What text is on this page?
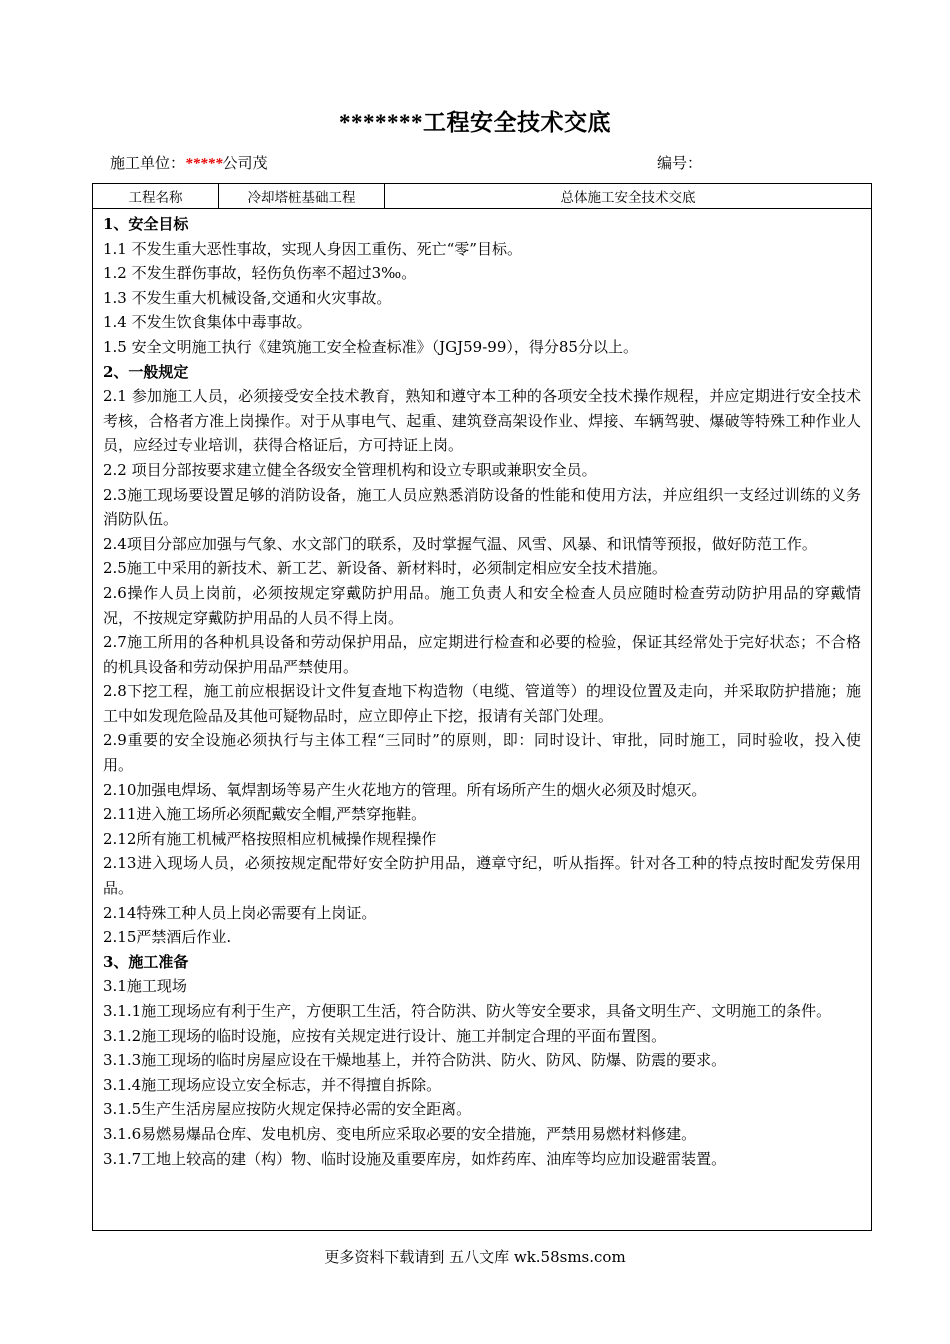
*******工程安全技术交底
施工单位：*****公司茂	编号：
工程名称	冷却塔桩基础工程	总体施工安全技术交底
1、安全目标
1.1 不发生重大恶性事故，实现人身因工重伤、死亡“零”目标。
1.2 不发生群伤事故，轻伤负伤率不超过3‰。
1.3 不发生重大机械设备,交通和火灾事故。
1.4 不发生饮食集体中毒事故。
1.5 安全文明施工执行《建筑施工安全检查标准》（JGJ59-99），得分85分以上。
2、一般规定
2.1 参加施工人员，必须接受安全技术教育，熟知和遵守本工种的各项安全技术操作规程，并应定期进行安全技术考核，合格者方准上岗操作。对于从事电气、起重、建筑登高架设作业、焊接、车辆驾驶、爆破等特殊工种作业人员，应经过专业培训，获得合格证后，方可持证上岗。
2.2 项目分部按要求建立健全各级安全管理机构和设立专职或兼职安全员。
2.3施工现场要设置足够的消防设备，施工人员应熟悉消防设备的性能和使用方法，并应组织一支经过训练的义务消防队伍。
2.4项目分部应加强与气象、水文部门的联系，及时掌握气温、风雪、风暴、和讯情等预报，做好防范工作。
2.5施工中采用的新技术、新工艺、新设备、新材料时，必须制定相应安全技术措施。
2.6操作人员上岗前，必须按规定穿戴防护用品。施工负责人和安全检查人员应随时检查劳动防护用品的穿戴情况，不按规定穿戴防护用品的人员不得上岗。
2.7施工所用的各种机具设备和劳动保护用品，应定期进行检查和必要的检验，保证其经常处于完好状态；不合格的机具设备和劳动保护用品严禁使用。
2.8下挖工程，施工前应根据设计文件复查地下构造物（电缆、管道等）的埋设位置及走向，并采取防护措施；施工中如发现危险品及其他可疑物品时，应立即停止下挖，报请有关部门处理。
2.9重要的安全设施必须执行与主体工程“三同时”的原则，即：同时设计、审批，同时施工，同时验收，投入使用。
2.10加强电焊场、氧焊割场等易产生火花地方的管理。所有场所产生的烟火必须及时熄灭。
2.11进入施工场所必须配戴安全帽,严禁穿拖鞋。
2.12所有施工机械严格按照相应机械操作规程操作
2.13进入现场人员，必须按规定配带好安全防护用品，遵章守纪，听从指挥。针对各工种的特点按时配发劳保用品。
2.14特殊工种人员上岗必需要有上岗证。
2.15严禁酒后作业.
3、施工准备
3.1施工现场
3.1.1施工现场应有利于生产，方便职工生活，符合防洪、防火等安全要求，具备文明生产、文明施工的条件。
3.1.2施工现场的临时设施，应按有关规定进行设计、施工并制定合理的平面布置图。
3.1.3施工现场的临时房屋应设在干燥地基上，并符合防洪、防火、防风、防爆、防震的要求。
3.1.4施工现场应设立安全标志，并不得擅自拆除。
3.1.5生产生活房屋应按防火规定保持必需的安全距离。
3.1.6易燃易爆品仓库、发电机房、变电所应采取必要的安全措施，严禁用易燃材料修建。
3.1.7工地上较高的建（构）物、临时设施及重要库房，如炸药库、油库等均应加设避雷装置。
更多资料下载请到 五八文库 wk.58sms.com
